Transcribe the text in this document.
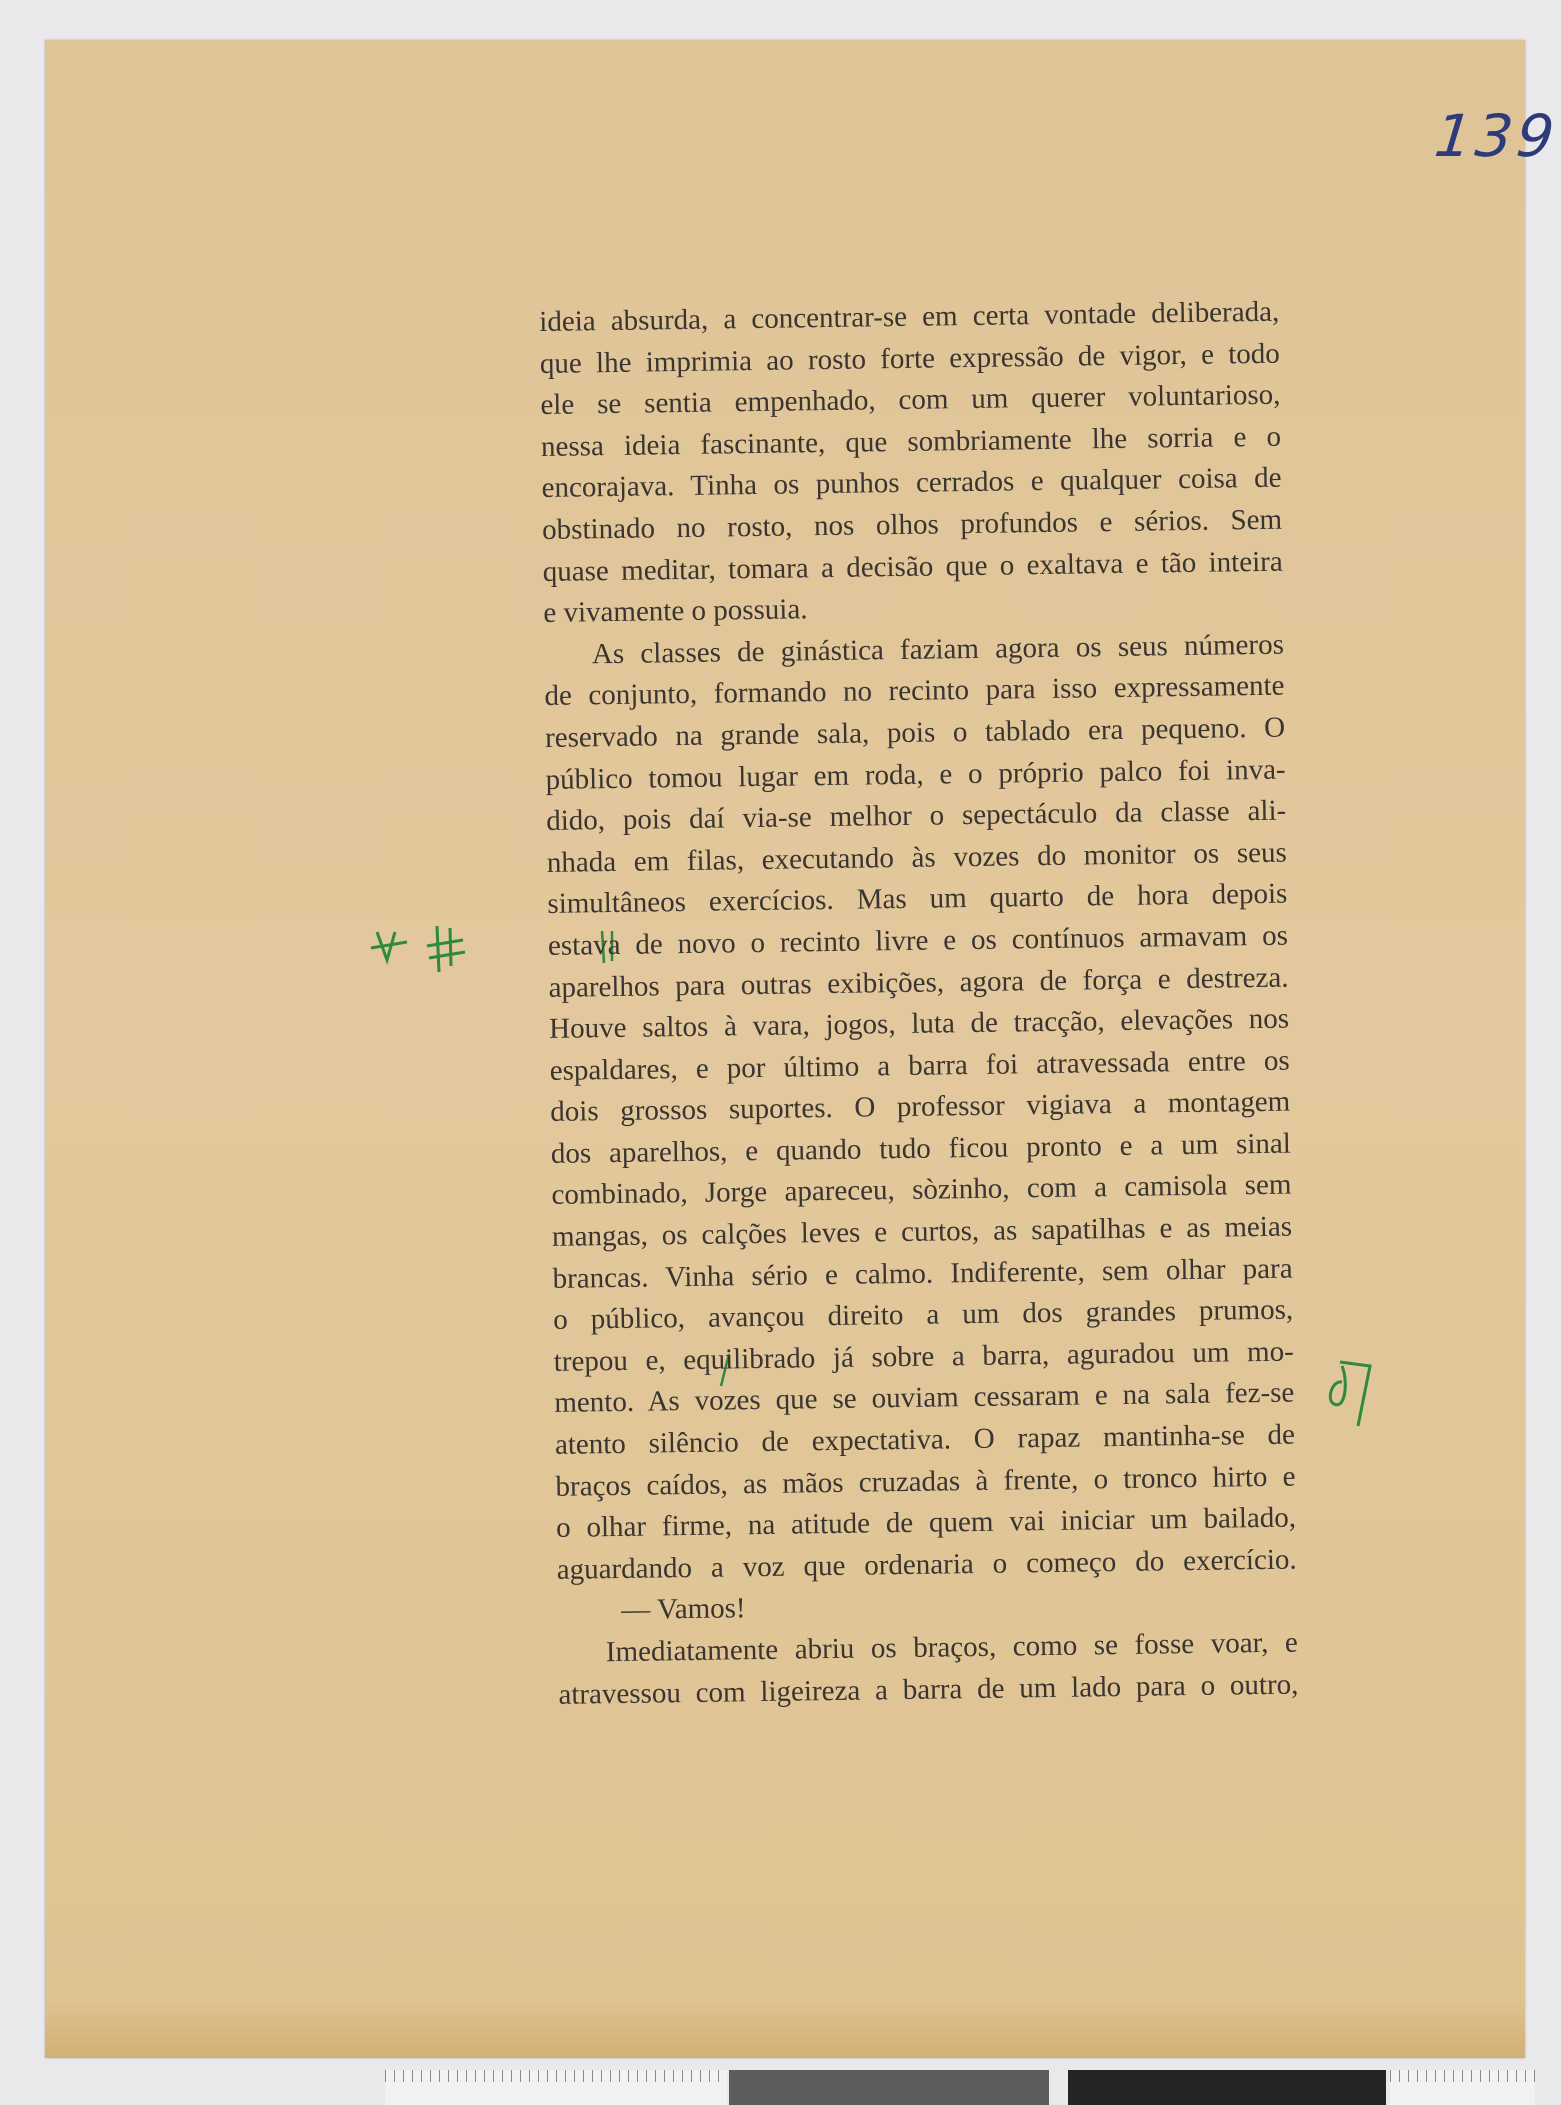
139
ideia absurda, a concentrar-se em certa vontade deliberada,
que lhe imprimia ao rosto forte expressão de vigor, e todo
ele se sentia empenhado, com um querer voluntarioso,
nessa ideia fascinante, que sombriamente lhe sorria e o
encorajava. Tinha os punhos cerrados e qualquer coisa de
obstinado no rosto, nos olhos profundos e sérios. Sem
quase meditar, tomara a decisão que o exaltava e tão inteira
e vivamente o possuia.
As classes de ginástica faziam agora os seus números
de conjunto, formando no recinto para isso expressamente
reservado na grande sala, pois o tablado era pequeno. O
público tomou lugar em roda, e o próprio palco foi inva-
dido, pois daí via-se melhor o sepectáculo da classe ali-
nhada em filas, executando às vozes do monitor os seus
simultâneos exercícios. Mas um quarto de hora depois
estava de novo o recinto livre e os contínuos armavam os
aparelhos para outras exibições, agora de força e destreza.
Houve saltos à vara, jogos, luta de tracção, elevações nos
espaldares, e por último a barra foi atravessada entre os
dois grossos suportes. O professor vigiava a montagem
dos aparelhos, e quando tudo ficou pronto e a um sinal
combinado, Jorge apareceu, sòzinho, com a camisola sem
mangas, os calções leves e curtos, as sapatilhas e as meias
brancas. Vinha sério e calmo. Indiferente, sem olhar para
o público, avançou direito a um dos grandes prumos,
trepou e, equilibrado já sobre a barra, aguradou um mo-
mento. As vozes que se ouviam cessaram e na sala fez-se
atento silêncio de expectativa. O rapaz mantinha-se de
braços caídos, as mãos cruzadas à frente, o tronco hirto e
o olhar firme, na atitude de quem vai iniciar um bailado,
aguardando a voz que ordenaria o começo do exercício.
— Vamos!
Imediatamente abriu os braços, como se fosse voar, e
atravessou com ligeireza a barra de um lado para o outro,
